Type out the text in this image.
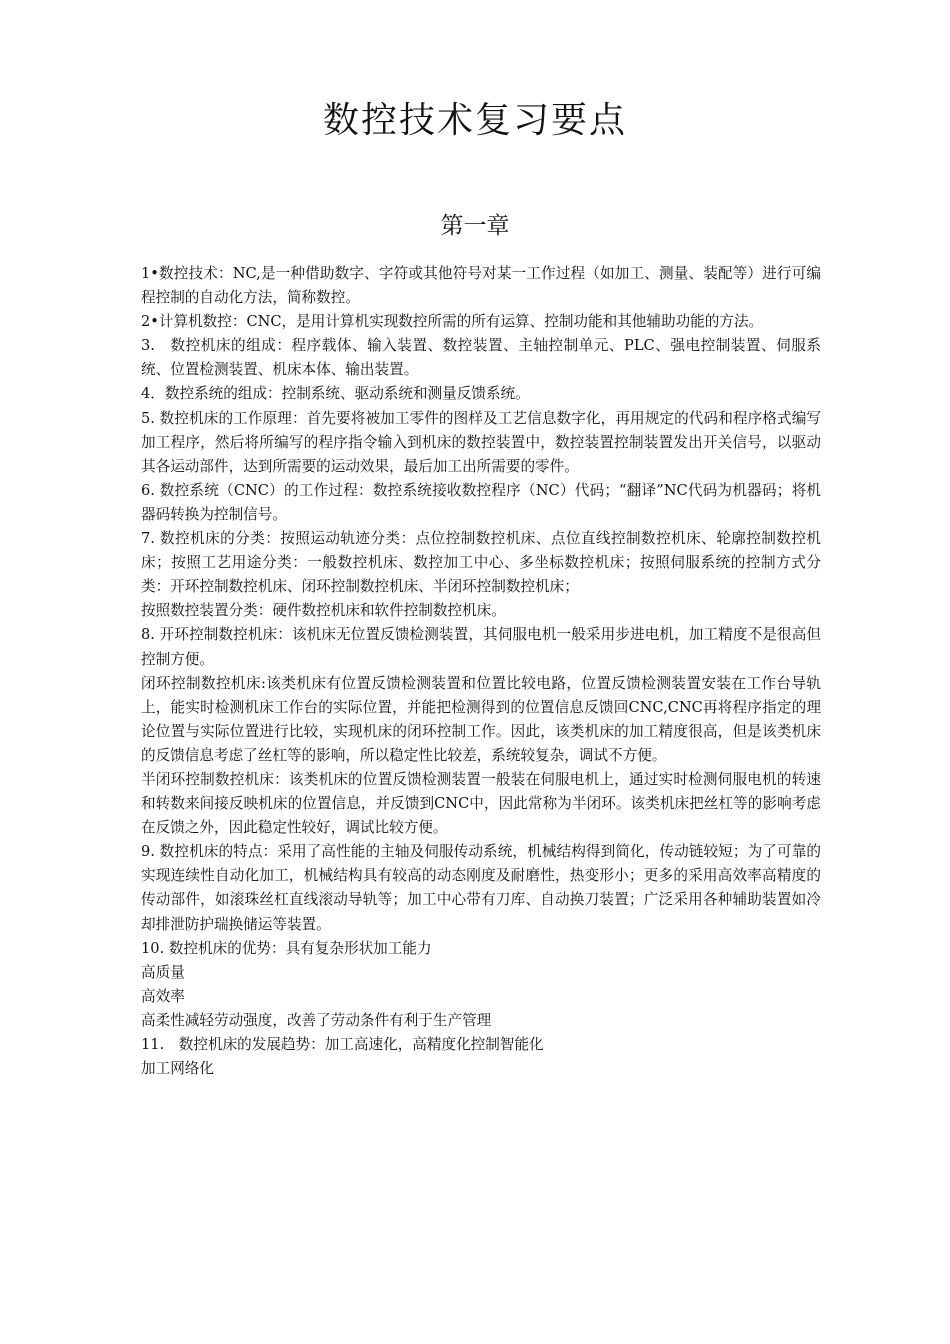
数控技术复习要点
第一章

1•数控技术：NC,是一种借助数字、字符或其他符号对某一工作过程（如加工、测量、装配等）进行可编程控制的自动化方法，简称数控。

2•计算机数控：CNC，是用计算机实现数控所需的所有运算、控制功能和其他辅助功能的方法。

3.　数控机床的组成：程序载体、输入装置、数控装置、主轴控制单元、PLC、强电控制装置、伺服系统、位置检测装置、机床本体、输出装置。

4．数控系统的组成：控制系统、驱动系统和测量反馈系统。

5. 数控机床的工作原理：首先要将被加工零件的图样及工艺信息数字化，再用规定的代码和程序格式编写加工程序，然后将所编写的程序指令输入到机床的数控装置中，数控装置控制装置发出开关信号，以驱动其各运动部件，达到所需要的运动效果，最后加工出所需要的零件。

6. 数控系统（CNC）的工作过程：数控系统接收数控程序（NC）代码；“翻译”NC代码为机器码；将机器码转换为控制信号。

7. 数控机床的分类：按照运动轨迹分类：点位控制数控机床、点位直线控制数控机床、轮廓控制数控机床；按照工艺用途分类：一般数控机床、数控加工中心、多坐标数控机床；按照伺服系统的控制方式分类：开环控制数控机床、闭环控制数控机床、半闭环控制数控机床；

按照数控装置分类：硬件数控机床和软件控制数控机床。

8. 开环控制数控机床：该机床无位置反馈检测装置，其伺服电机一般采用步进电机，加工精度不是很高但控制方便。

闭环控制数控机床:该类机床有位置反馈检测装置和位置比较电路，位置反馈检测装置安装在工作台导轨上，能实时检测机床工作台的实际位置，并能把检测得到的位置信息反馈回CNC,CNC再将程序指定的理论位置与实际位置进行比较，实现机床的闭环控制工作。因此，该类机床的加工精度很高，但是该类机床的反馈信息考虑了丝杠等的影响，所以稳定性比较差，系统较复杂，调试不方便。

半闭环控制数控机床：该类机床的位置反馈检测装置一般装在伺服电机上，通过实时检测伺服电机的转速和转数来间接反映机床的位置信息，并反馈到CNC中，因此常称为半闭环。该类机床把丝杠等的影响考虑在反馈之外，因此稳定性较好，调试比较方便。

9. 数控机床的特点：采用了高性能的主轴及伺服传动系统，机械结构得到简化，传动链较短；为了可靠的实现连续性自动化加工，机械结构具有较高的动态刚度及耐磨性，热变形小；更多的采用高效率高精度的传动部件，如滚珠丝杠直线滚动导轨等；加工中心带有刀库、自动换刀装置；广泛采用各种辅助装置如冷却排泄防护瑞换储运等装置。

10. 数控机床的优势：具有复杂形状加工能力

高质量

高效率

高柔性减轻劳动强度，改善了劳动条件有利于生产管理

11.　数控机床的发展趋势：加工高速化，高精度化控制智能化

加工网络化
